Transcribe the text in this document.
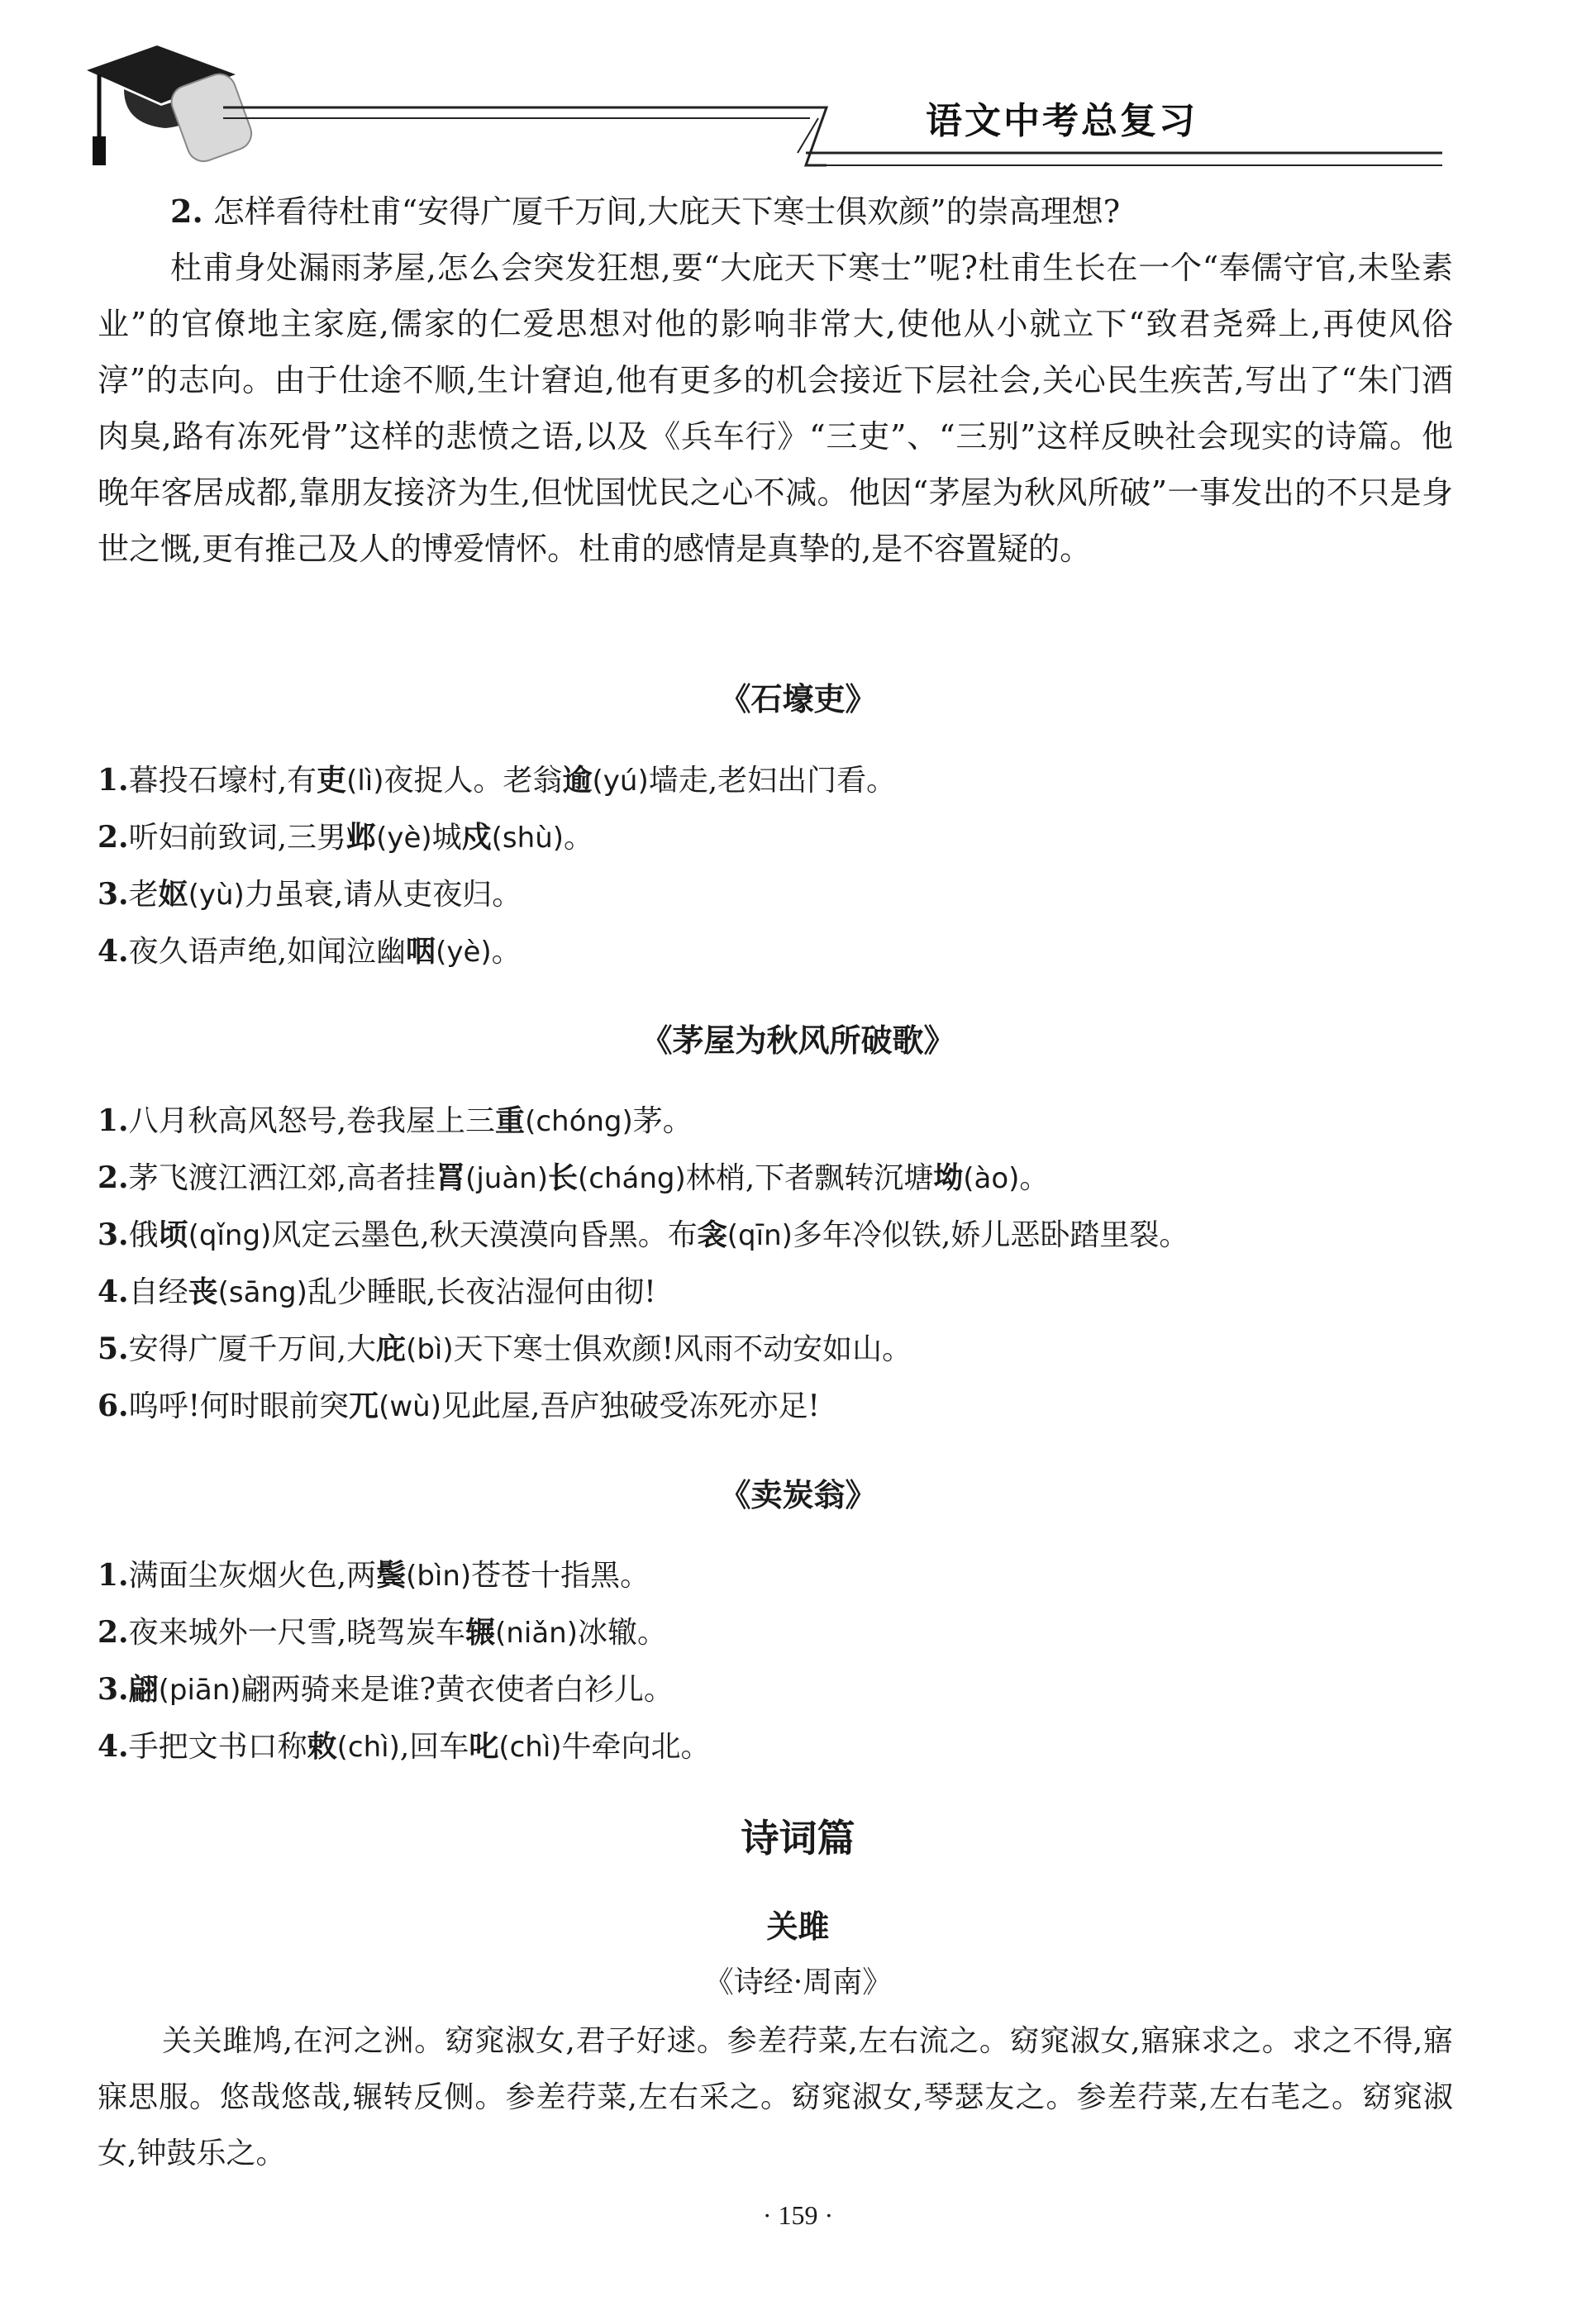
语文中考总复习
2. 怎样看待杜甫“安得广厦千万间,大庇天下寒士俱欢颜”的崇高理想?

杜甫身处漏雨茅屋,怎么会突发狂想,要“大庇天下寒士”呢?杜甫生长在一个“奉儒守官,未坠素业”的官僚地主家庭,儒家的仁爱思想对他的影响非常大,使他从小就立下“致君尧舜上,再使风俗淳”的志向。由于仕途不顺,生计窘迫,他有更多的机会接近下层社会,关心民生疾苦,写出了“朱门酒肉臭,路有冻死骨”这样的悲愤之语,以及《兵车行》“三吏”、“三别”这样反映社会现实的诗篇。他晚年客居成都,靠朋友接济为生,但忧国忧民之心不减。他因“茅屋为秋风所破”一事发出的不只是身世之慨,更有推己及人的博爱情怀。杜甫的感情是真挚的,是不容置疑的。

《石壕吏》
1.暮投石壕村,有吏(lì)夜捉人。老翁逾(yú)墙走,老妇出门看。
2.听妇前致词,三男邺(yè)城戍(shù)。
3.老妪(yù)力虽衰,请从吏夜归。
4.夜久语声绝,如闻泣幽咽(yè)。
《茅屋为秋风所破歌》
1.八月秋高风怒号,卷我屋上三重(chóng)茅。
2.茅飞渡江洒江郊,高者挂罥(juàn)长(cháng)林梢,下者飘转沉塘坳(ào)。
3.俄顷(qǐng)风定云墨色,秋天漠漠向昏黑。布衾(qīn)多年冷似铁,娇儿恶卧踏里裂。
4.自经丧(sāng)乱少睡眠,长夜沾湿何由彻!
5.安得广厦千万间,大庇(bì)天下寒士俱欢颜!风雨不动安如山。
6.呜呼!何时眼前突兀(wù)见此屋,吾庐独破受冻死亦足!
《卖炭翁》
1.满面尘灰烟火色,两鬓(bìn)苍苍十指黑。
2.夜来城外一尺雪,晓驾炭车辗(niǎn)冰辙。
3.翩(piān)翩两骑来是谁?黄衣使者白衫儿。
4.手把文书口称敕(chì),回车叱(chì)牛牵向北。
诗词篇
关雎
《诗经·周南》

关关雎鸠,在河之洲。窈窕淑女,君子好逑。参差荇菜,左右流之。窈窕淑女,寤寐求之。求之不得,寤寐思服。悠哉悠哉,辗转反侧。参差荇菜,左右采之。窈窕淑女,琴瑟友之。参差荇菜,左右芼之。窈窕淑女,钟鼓乐之。

· 159 ·
